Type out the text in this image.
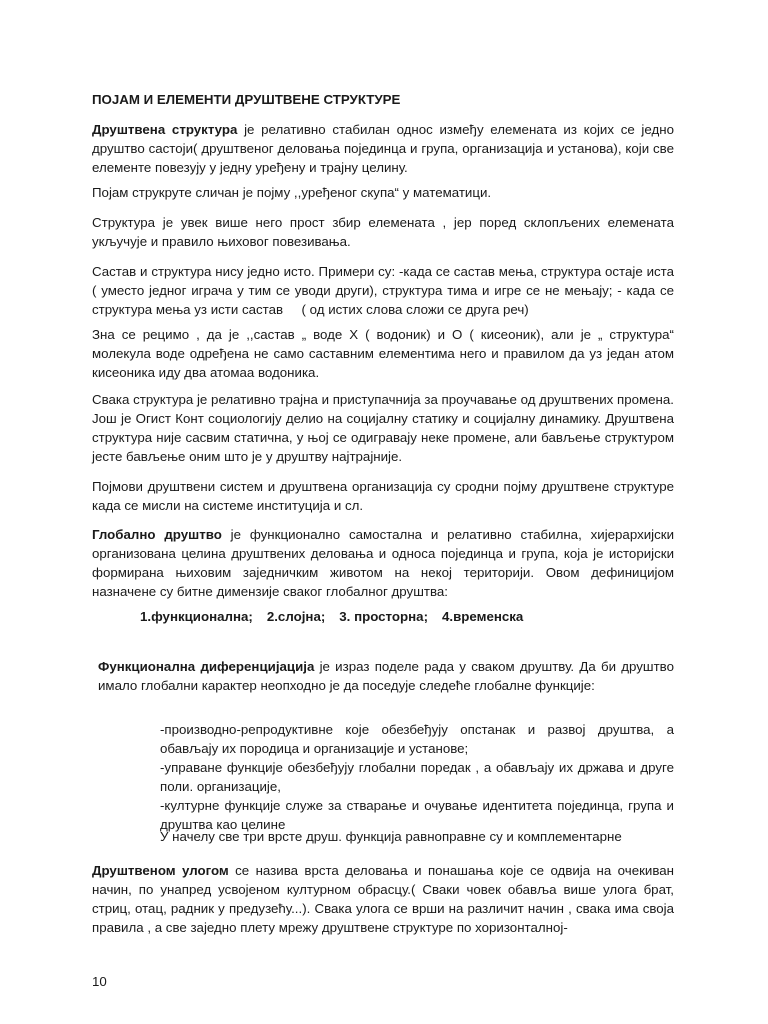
ПОЈАМ И ЕЛЕМЕНТИ ДРУШТВЕНЕ СТРУКТУРЕ
Друштвена структура је релативно стабилан однос између елемената из којих се једно друштво састоји( друштвеног деловања појединца и група, организација и установа), који све елементе повезују у једну уређену и трајну целину.
Појам струкруте сличан је појму ,,уређеног скупа“ у математици.
Структура је увек више него прост збир елемената , јер поред склопљених елемената укључује и правило њиховог повезивања.
Састав и структура нису једно исто. Примери су: -када се састав мења, структура остаје иста ( уместо једног играча у тим се уводи други), структура тима и игре се не мењају; - када се структура мења уз исти састав     ( од истих слова сложи се друга реч)
Зна се рецимо , да је ,,састав „ воде Х ( водоник) и О ( кисеоник), али је „ структура“ молекула воде одређена не само саставним елементима него и правилом да уз један атом кисеоника иду два атомаа водоника.
Свака структура је релативно трајна и приступачнија за проучавање од друштвених промена. Још је Огист Конт социологију делио на социјалну статику и социјалну динамику. Друштвена структура није сасвим статична, у њој се одигравају неке промене, али бављење структуром јесте бављење оним што је у друштву најтрајније.
Појмови друштвени систем и друштвена организација су сродни појму друштвене структуре када се мисли на системе институција и сл.
Глобално друштво је функционално самостална и релативно стабилна, хијерархијски организована целина друштвених деловања и односа појединца и група, која је историјски формирана њиховим заједничким животом на некој територији. Овом дефиницијом назначене су битне димензије сваког глобалног друштва:
1.функционална; 2.слојна; 3. просторна; 4.временска
Функционална диференцијација је израз поделе рада у сваком друштву. Да би друштво имало глобални карактер неопходно је да поседује следеће глобалне функције:
-производно-репродуктивне које обезбеђују опстанак и развој друштва, а обављају их породица и организације и установе;
-управане функције обезбеђују глобални поредак , а обављају их држава и друге поли. организације,
-културне функције служе за стварање и очување идентитета појединца, група и друштва као целине
У начелу све три врсте друш. функција равноправне су и комплементарне
Друштвеном улогом се назива врста деловања и понашања које се одвија на очекиван начин, по унапред усвојеном културном обрасцу.( Сваки човек обавља више улога брат, стриц, отац, радник у предузећу...). Свака улога се врши на различит начин , свака има своја правила , а све заједно плету мрежу друштвене структуре по хоризонталној-
10
